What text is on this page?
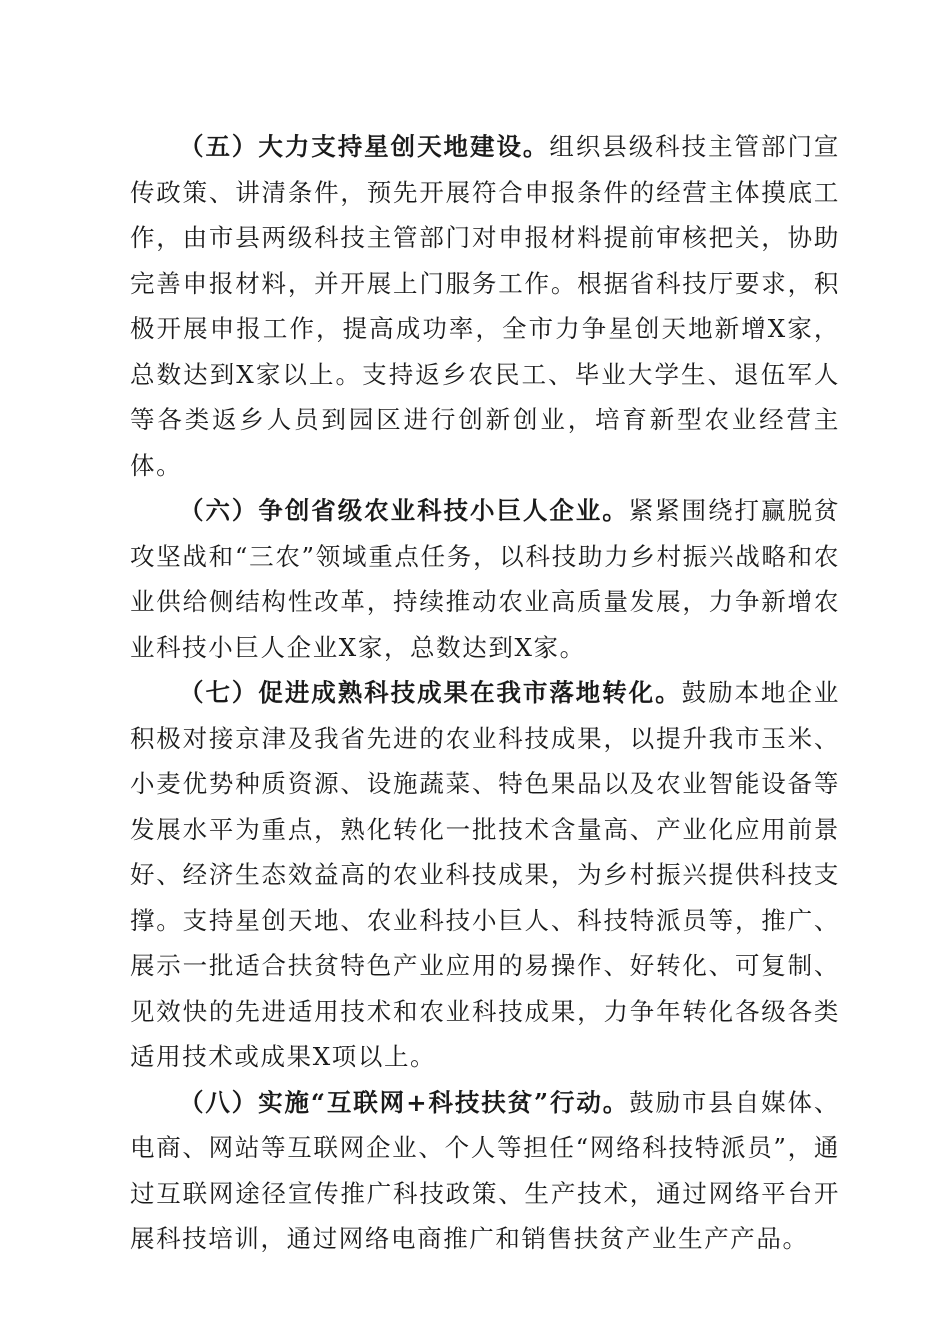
（五）大力支持星创天地建设。组织县级科技主管部门宣传政策、讲清条件，预先开展符合申报条件的经营主体摸底工作，由市县两级科技主管部门对申报材料提前审核把关，协助完善申报材料，并开展上门服务工作。根据省科技厅要求，积极开展申报工作，提高成功率，全市力争星创天地新增X家，总数达到X家以上。支持返乡农民工、毕业大学生、退伍军人等各类返乡人员到园区进行创新创业，培育新型农业经营主体。

（六）争创省级农业科技小巨人企业。紧紧围绕打赢脱贫攻坚战和“三农”领域重点任务，以科技助力乡村振兴战略和农业供给侧结构性改革，持续推动农业高质量发展，力争新增农业科技小巨人企业X家，总数达到X家。

（七）促进成熟科技成果在我市落地转化。鼓励本地企业积极对接京津及我省先进的农业科技成果，以提升我市玉米、小麦优势种质资源、设施蔬菜、特色果品以及农业智能设备等发展水平为重点，熟化转化一批技术含量高、产业化应用前景好、经济生态效益高的农业科技成果，为乡村振兴提供科技支撑。支持星创天地、农业科技小巨人、科技特派员等，推广、展示一批适合扶贫特色产业应用的易操作、好转化、可复制、见效快的先进适用技术和农业科技成果，力争年转化各级各类适用技术或成果X项以上。

（八）实施“互联网+科技扶贫”行动。鼓励市县自媒体、电商、网站等互联网企业、个人等担任“网络科技特派员”，通过互联网途径宣传推广科技政策、生产技术，通过网络平台开展科技培训，通过网络电商推广和销售扶贫产业生产产品。
